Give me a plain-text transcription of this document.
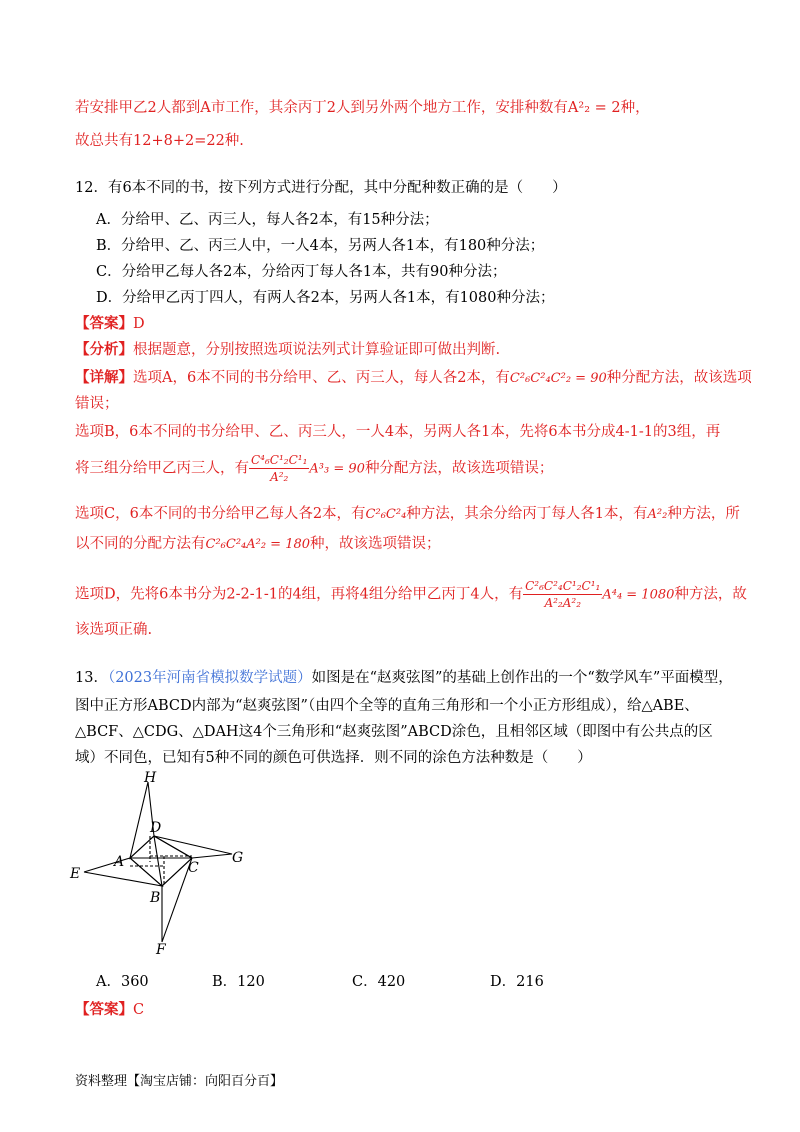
若安排甲乙2人都到A市工作，其余丙丁2人到另外两个地方工作，安排种数有A²₂ = 2种，
故总共有12+8+2=22种.
12．有6本不同的书，按下列方式进行分配，其中分配种数正确的是（　　）
A．分给甲、乙、丙三人，每人各2本，有15种分法；
B．分给甲、乙、丙三人中，一人4本，另两人各1本，有180种分法；
C．分给甲乙每人各2本，分给丙丁每人各1本，共有90种分法；
D．分给甲乙丙丁四人，有两人各2本，另两人各1本，有1080种分法；
【答案】D
【分析】根据题意，分别按照选项说法列式计算验证即可做出判断.
【详解】选项A，6本不同的书分给甲、乙、丙三人，每人各2本，有C²₆C²₄C²₂ = 90种分配方法，故该选项
错误；
选项B，6本不同的书分给甲、乙、丙三人，一人4本，另两人各1本，先将6本书分成4-1-1的3组，再
将三组分给甲乙丙三人，有 $\frac{\text{C⁴₆C¹₂C¹₁}}{\text{A²₂}} A^3_3 = 90$种分配方法，故该选项错误；
选项C，6本不同的书分给甲乙每人各2本，有C²₆C²₄种方法，其余分给丙丁每人各1本，有A²₂种方法，所
以不同的分配方法有C²₆C²₄A²₂ = 180种，故该选项错误；
选项D，先将6本书分为2-2-1-1的4组，再将4组分给甲乙丙丁4人，有 $\frac{\text{C²₆C²₄C¹₂C¹₁}}{\text{A²₂A²₂}} A^4_4 = 1080$种方法，故
该选项正确.
13．（2023年河南省模拟数学试题）如图是在“赵爽弦图”的基础上创作出的一个“数学风车”平面模型，
图中正方形ABCD内部为“赵爽弦图”（由四个全等的直角三角形和一个小正方形组成），给△ABE、
△BCF、△CDG、△DAH这4个三角形和“赵爽弦图”ABCD涂色，且相邻区域（即图中有公共点的区
域）不同色，已知有5种不同的颜色可供选择．则不同的涂色方法种数是（　　）
H
D
G
A	C
E
B
F
A．360	B．120	C．420	D．216
【答案】C
资料整理【淘宝店铺：向阳百分百】
